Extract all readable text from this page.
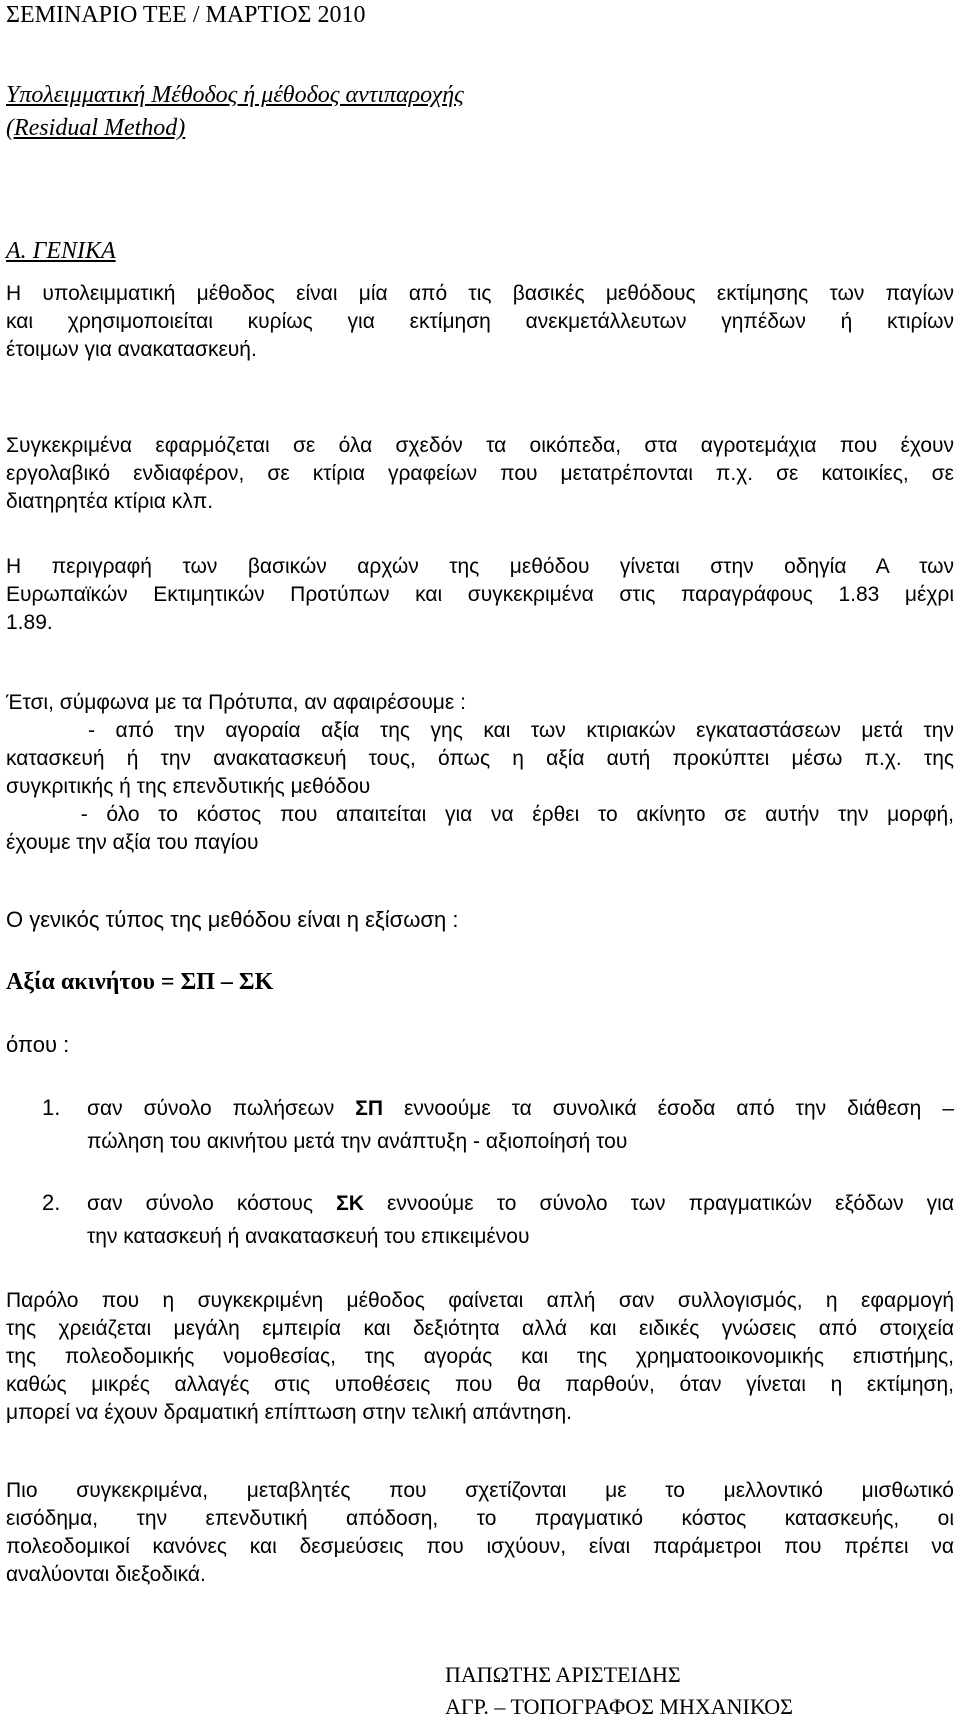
ΣΕΜΙΝΑΡΙΟ ΤΕΕ / ΜΑΡΤΙΟΣ 2010
Υπολειμματική Μέθοδος ή μέθοδος αντιπαροχής
(Residual Method)
Α. ΓΕΝΙΚΑ
Η υπολειμματική μέθοδος είναι μία από τις βασικές μεθόδους εκτίμησης των παγίων
και χρησιμοποιείται κυρίως για εκτίμηση ανεκμετάλλευτων γηπέδων ή κτιρίων
έτοιμων για ανακατασκευή.
Συγκεκριμένα εφαρμόζεται σε όλα σχεδόν τα οικόπεδα, στα αγροτεμάχια που έχουν
εργολαβικό ενδιαφέρον, σε κτίρια γραφείων που μετατρέπονται π.χ. σε κατοικίες, σε
διατηρητέα κτίρια κλπ.
Η περιγραφή των βασικών αρχών της μεθόδου γίνεται στην οδηγία Α των
Ευρωπαϊκών Εκτιμητικών Προτύπων και συγκεκριμένα στις παραγράφους 1.83 μέχρι
1.89.
Έτσι, σύμφωνα με τα Πρότυπα, αν αφαιρέσουμε :
- από την αγοραία αξία της γης και των κτιριακών εγκαταστάσεων μετά την
κατασκευή ή την ανακατασκευή τους, όπως η αξία αυτή προκύπτει μέσω π.χ. της
συγκριτικής ή της επενδυτικής μεθόδου
- όλο το κόστος που απαιτείται για να έρθει το ακίνητο σε αυτήν την μορφή,
έχουμε την αξία του παγίου
Ο γενικός τύπος της μεθόδου είναι η εξίσωση :
Αξία ακινήτου = ΣΠ – ΣΚ
όπου :
1. σαν σύνολο πωλήσεων ΣΠ εννοούμε τα συνολικά έσοδα από την διάθεση –
πώληση του ακινήτου μετά την ανάπτυξη - αξιοποίησή του
2. σαν σύνολο κόστους ΣΚ εννοούμε το σύνολο των πραγματικών εξόδων για
την κατασκευή ή ανακατασκευή του επικειμένου
Παρόλο που η συγκεκριμένη μέθοδος φαίνεται απλή σαν συλλογισμός, η εφαρμογή
της χρειάζεται μεγάλη εμπειρία και δεξιότητα αλλά και ειδικές γνώσεις από στοιχεία
της πολεοδομικής νομοθεσίας, της αγοράς και της χρηματοοικονομικής επιστήμης,
καθώς μικρές αλλαγές στις υποθέσεις που θα παρθούν, όταν γίνεται η εκτίμηση,
μπορεί να έχουν δραματική επίπτωση στην τελική απάντηση.
Πιο συγκεκριμένα, μεταβλητές που σχετίζονται με το μελλοντικό μισθωτικό
εισόδημα, την επενδυτική απόδοση, το πραγματικό κόστος κατασκευής, οι
πολεοδομικοί κανόνες και δεσμεύσεις που ισχύουν, είναι παράμετροι που πρέπει να
αναλύονται διεξοδικά.
ΠΑΠΩΤΗΣ ΑΡΙΣΤΕΙΔΗΣ
ΑΓΡ. – ΤΟΠΟΓΡΑΦΟΣ ΜΗΧΑΝΙΚΟΣ
